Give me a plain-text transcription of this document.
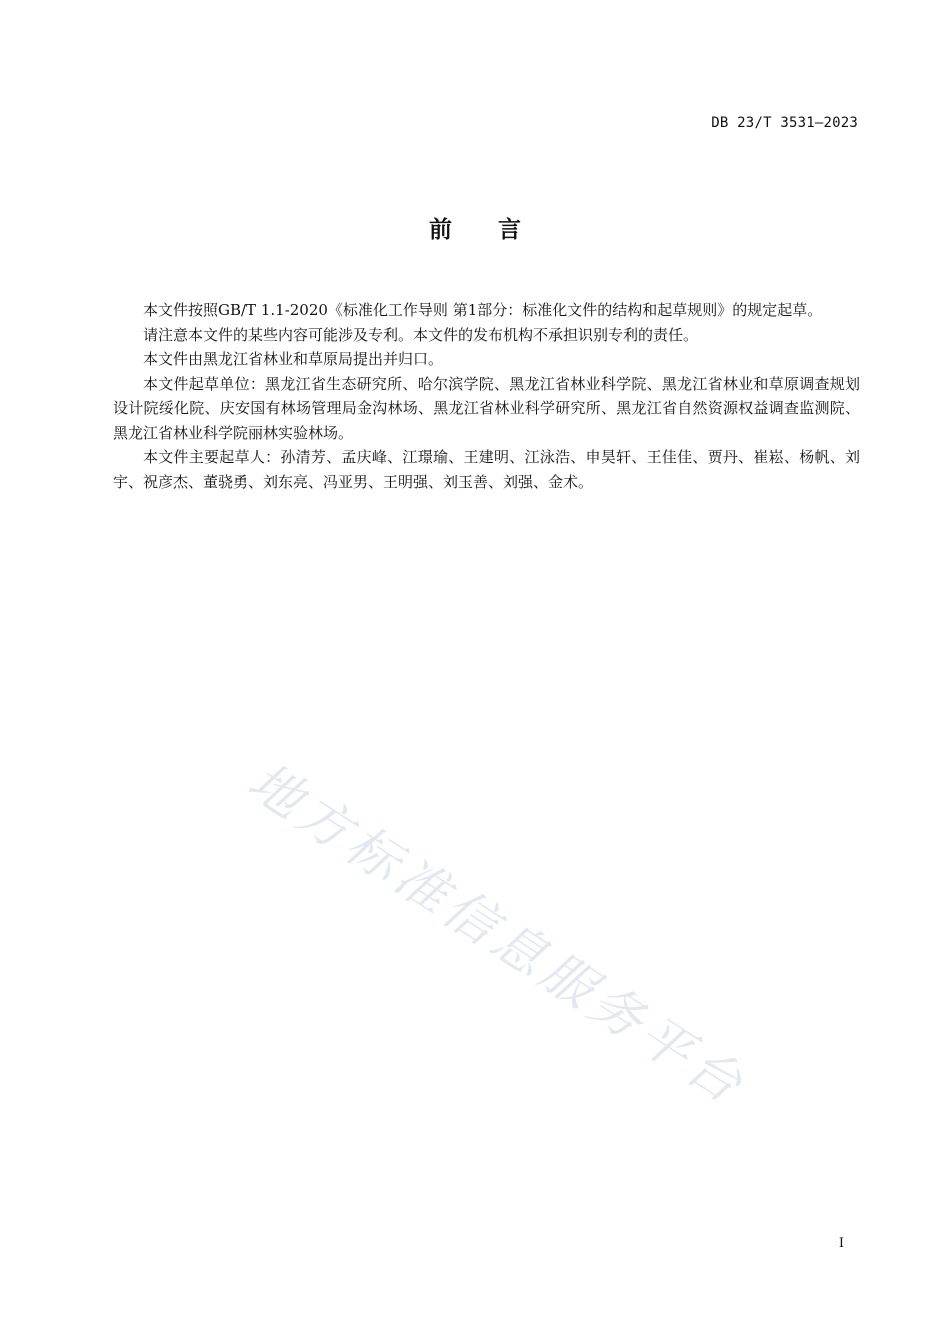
DB 23/T 3531—2023
前 言

本文件按照GB/T 1.1-2020《标准化工作导则 第1部分：标准化文件的结构和起草规则》的规定起草。

请注意本文件的某些内容可能涉及专利。本文件的发布机构不承担识别专利的责任。

本文件由黑龙江省林业和草原局提出并归口。

本文件起草单位：黑龙江省生态研究所、哈尔滨学院、黑龙江省林业科学院、黑龙江省林业和草原调查规划设计院绥化院、庆安国有林场管理局金沟林场、黑龙江省林业科学研究所、黑龙江省自然资源权益调查监测院、黑龙江省林业科学院丽林实验林场。

本文件主要起草人：孙清芳、孟庆峰、江璟瑜、王建明、江泳浩、申昊轩、王佳佳、贾丹、崔崧、杨帆、刘宇、祝彦杰、董骁勇、刘东亮、冯亚男、王明强、刘玉善、刘强、金术。

地方标准信息服务平台
I
